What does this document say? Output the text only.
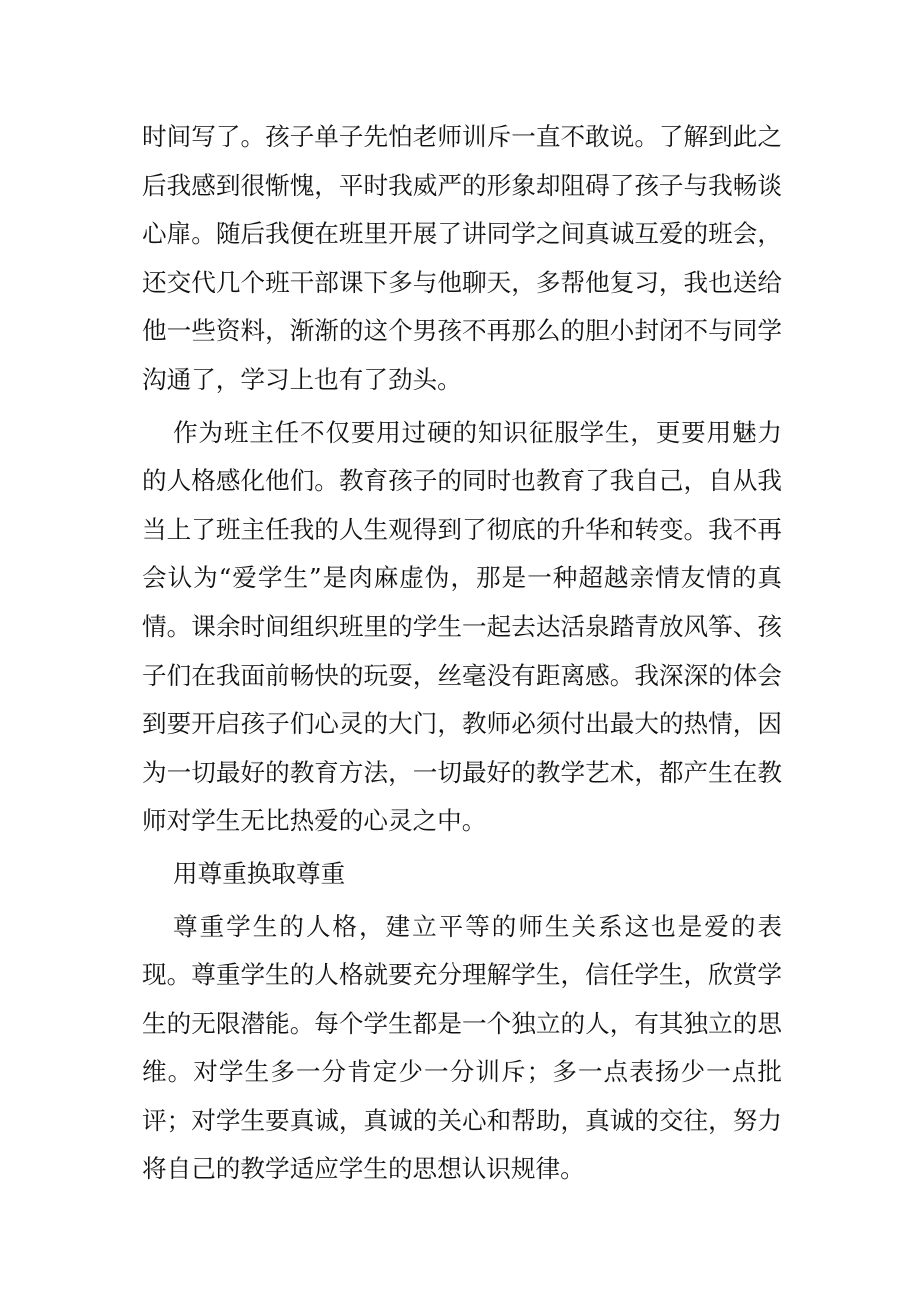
时间写了。孩子单子先怕老师训斥一直不敢说。了解到此之后我感到很惭愧，平时我威严的形象却阻碍了孩子与我畅谈心扉。随后我便在班里开展了讲同学之间真诚互爱的班会，还交代几个班干部课下多与他聊天，多帮他复习，我也送给他一些资料，渐渐的这个男孩不再那么的胆小封闭不与同学沟通了，学习上也有了劲头。

作为班主任不仅要用过硬的知识征服学生，更要用魅力的人格感化他们。教育孩子的同时也教育了我自己，自从我当上了班主任我的人生观得到了彻底的升华和转变。我不再会认为“爱学生”是肉麻虚伪，那是一种超越亲情友情的真情。课余时间组织班里的学生一起去达活泉踏青放风筝、孩子们在我面前畅快的玩耍，丝毫没有距离感。我深深的体会到要开启孩子们心灵的大门，教师必须付出最大的热情，因为一切最好的教育方法，一切最好的教学艺术，都产生在教师对学生无比热爱的心灵之中。

用尊重换取尊重

尊重学生的人格，建立平等的师生关系这也是爱的表现。尊重学生的人格就要充分理解学生，信任学生，欣赏学生的无限潜能。每个学生都是一个独立的人，有其独立的思维。对学生多一分肯定少一分训斥；多一点表扬少一点批评；对学生要真诚，真诚的关心和帮助，真诚的交往，努力将自己的教学适应学生的思想认识规律。
